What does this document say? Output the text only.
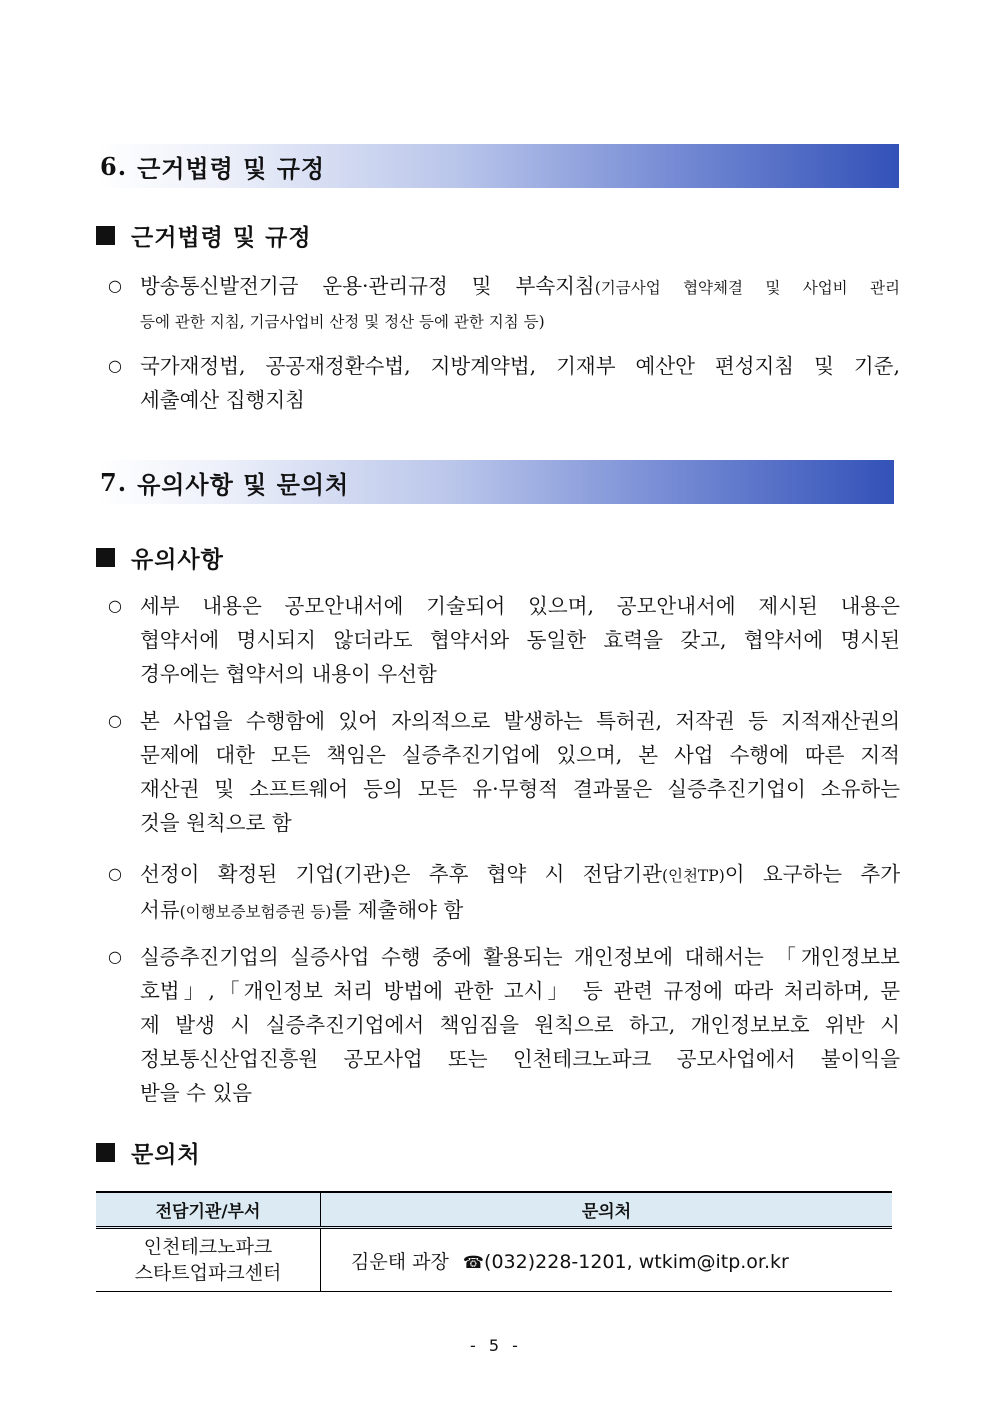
6. 근거법령 및 규정
근거법령 및 규정
○ 방송통신발전기금 운용·관리규정 및 부속지침(기금사업 협약체결 및 사업비 관리
등에 관한 지침, 기금사업비 산정 및 정산 등에 관한 지침 등)
○ 국가재정법, 공공재정환수법, 지방계약법, 기재부 예산안 편성지침 및 기준,
세출예산 집행지침
7. 유의사항 및 문의처
유의사항
○ 세부 내용은 공모안내서에 기술되어 있으며, 공모안내서에 제시된 내용은
협약서에 명시되지 않더라도 협약서와 동일한 효력을 갖고, 협약서에 명시된
경우에는 협약서의 내용이 우선함
○ 본 사업을 수행함에 있어 자의적으로 발생하는 특허권, 저작권 등 지적재산권의
문제에 대한 모든 책임은 실증추진기업에 있으며, 본 사업 수행에 따른 지적
재산권 및 소프트웨어 등의 모든 유·무형적 결과물은 실증추진기업이 소유하는
것을 원칙으로 함
○ 선정이 확정된 기업(기관)은 추후 협약 시 전담기관(인천TP)이 요구하는 추가
서류(이행보증보험증권 등)를 제출해야 함
○ 실증추진기업의 실증사업 수행 중에 활용되는 개인정보에 대해서는 「개인정보보
호법」,「개인정보 처리 방법에 관한 고시」 등 관련 규정에 따라 처리하며, 문
제 발생 시 실증추진기업에서 책임짐을 원칙으로 하고, 개인정보보호 위반 시
정보통신산업진흥원 공모사업 또는 인천테크노파크 공모사업에서 불이익을
받을 수 있음
문의처
전담기관/부서	문의처

인천테크노파크
스타트업파크센터	김운태 과장 ☎(032)228-1201, wtkim@itp.or.kr
- 5 -
